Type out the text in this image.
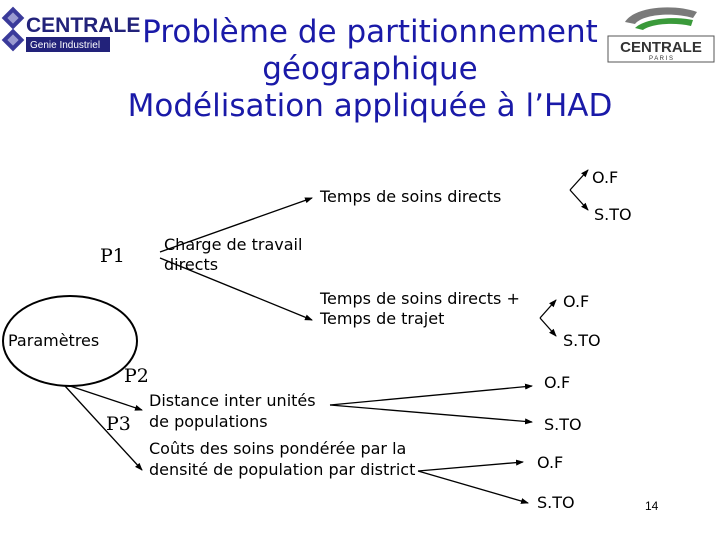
CENTRALE
Genie Industriel	CENTRALE
P A R I S
Problème de partitionnement
géographique
Modélisation appliquée à l’HAD
Temps de soins directs
O.F
S.TO
P1
Charge de travail
directs
Temps de soins directs +
Temps de trajet
O.F
S.TO
Paramètres
P2
P3
Distance inter unités
de populations
O.F
S.TO
Coûts des soins pondérée par la
densité de population par district	O.F
S.TO	14
